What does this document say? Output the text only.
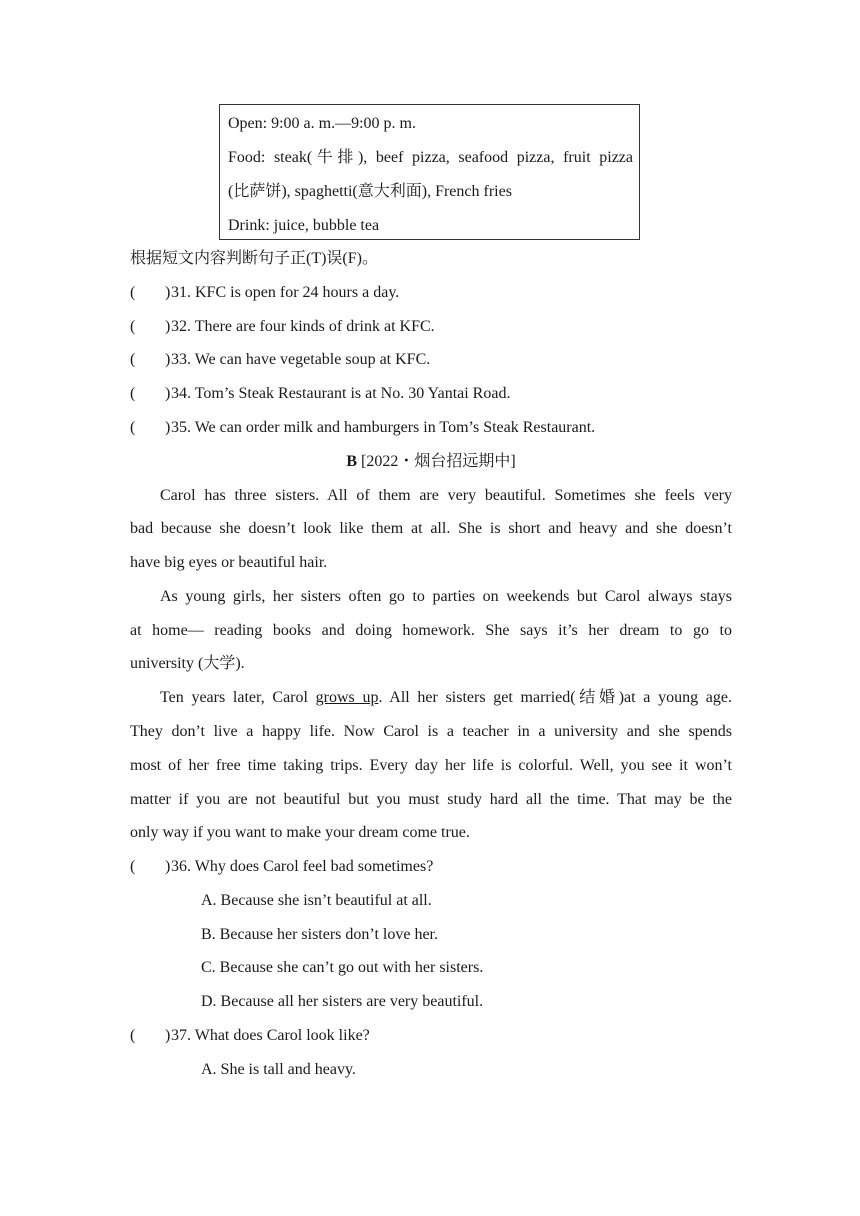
Open: 9:00 a. m.—9:00 p. m.
Food: steak(牛排), beef pizza, seafood pizza, fruit pizza
(比萨饼), spaghetti(意大利面), French fries
Drink: juice, bubble tea
根据短文内容判断句子正(T)误(F)。
( ) 31. KFC is open for 24 hours a day.
( ) 32. There are four kinds of drink at KFC.
( ) 33. We can have vegetable soup at KFC.
( ) 34. Tom’s Steak Restaurant is at No. 30 Yantai Road.
( ) 35. We can order milk and hamburgers in Tom’s Steak Restaurant.
B [2022・烟台招远期中]
Carol has three sisters. All of them are very beautiful. Sometimes she feels very
bad because she doesn’t look like them at all. She is short and heavy and she doesn’t
have big eyes or beautiful hair.
As young girls, her sisters often go to parties on weekends but Carol always stays
at home— reading books and doing homework. She says it’s her dream to go to
university (大学).
Ten years later, Carol grows up. All her sisters get married(结婚)at a young age.
They don’t live a happy life. Now Carol is a teacher in a university and she spends
most of her free time taking trips. Every day her life is colorful. Well, you see it won’t
matter if you are not beautiful but you must study hard all the time. That may be the
only way if you want to make your dream come true.
( ) 36. Why does Carol feel bad sometimes?
A. Because she isn’t beautiful at all.
B. Because her sisters don’t love her.
C. Because she can’t go out with her sisters.
D. Because all her sisters are very beautiful.
( ) 37. What does Carol look like?
A. She is tall and heavy.
